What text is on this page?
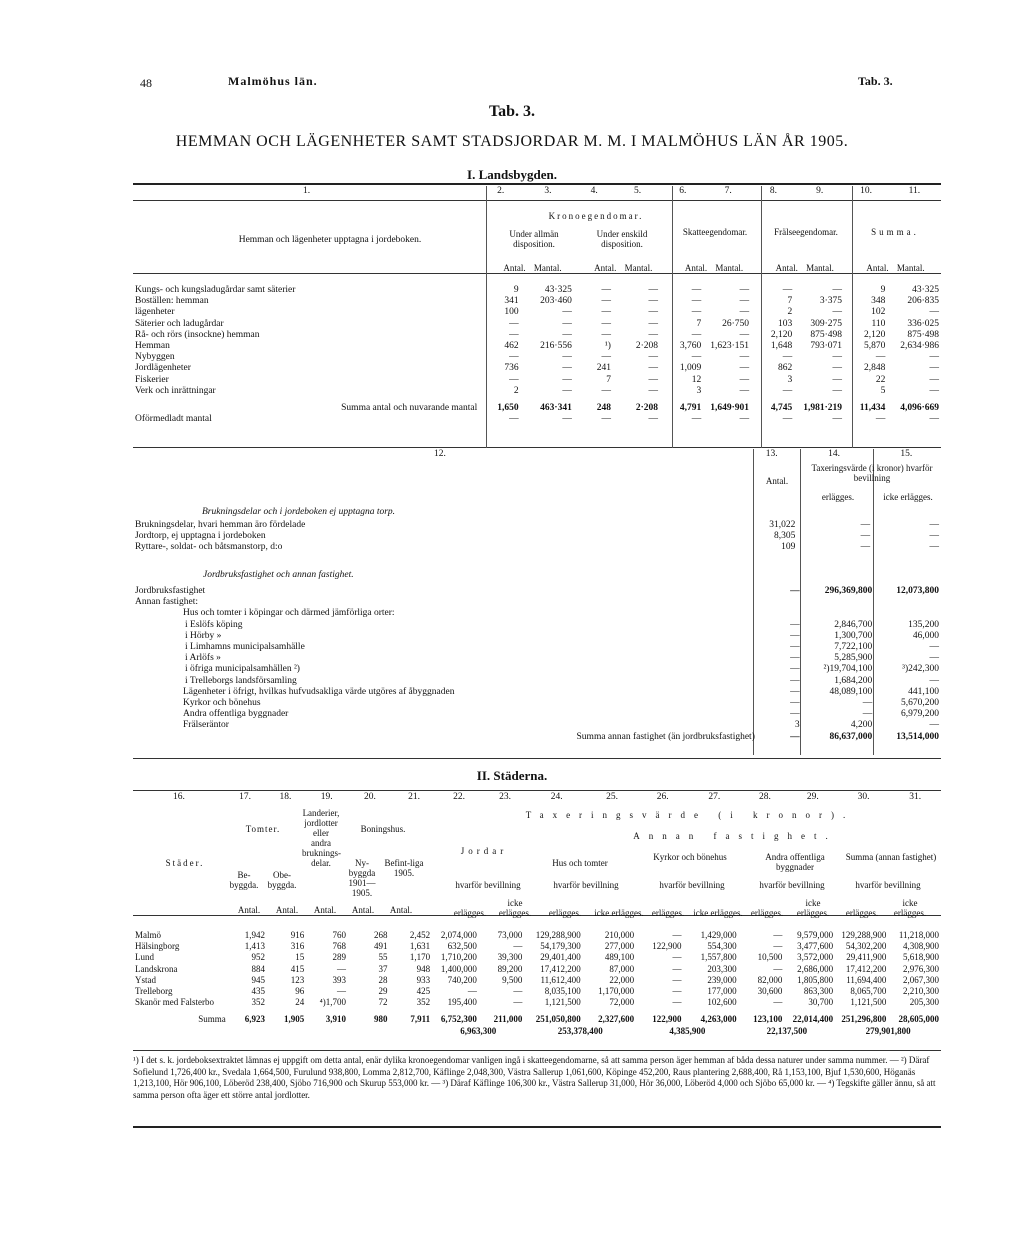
48	Malmöhus län.	Tab. 3.
Tab. 3.
HEMMAN OCH LÄGENHETER SAMT STADSJORDAR M. M. I MALMÖHUS LÄN ÅR 1905.
I. Landsbygden.
1.	2.	3.	4.	5.	6.	7.	8.	9.	10.	11.
Kronoegendomar.
Hemman och lägenheter upptagna i jordeboken.
Under allmän disposition.
Under enskild disposition.
Skatteegendomar.	Frälseegendomar.	Summa.
Antal. Mantal.	Antal. Mantal.	Antal. Mantal.	Antal. Mantal.	Antal. Mantal.
Kungs- och kungsladugårdar samt säterier	9	43·325	—	—	—	—	—	—	9	43·325
Boställen: hemman	341	203·460	—	—	—	—	7	3·375	348	206·835
lägenheter	100	—	—	—	—	—	2	—	102	—
Säterier och ladugårdar	—	—	—	—	7	26·750	103	309·275	110	336·025
Rå- och rörs (insockne) hemman	—	—	—	—	—	—	2,120	875·498	2,120	875·498
Hemman	462	216·556	¹)	2·208	3,760	1,623·151	1,648	793·071	5,870	2,634·986
Nybyggen	—	—	—	—	—	—	—	—	—	—
Jordlägenheter	736	—	241	—	1,009	—	862	—	2,848	—
Fiskerier	—	—	7	—	12	—	3	—	22	—
Verk och inrättningar	2	—	—	—	3	—	—	—	5	—

Summa antal och nuvarande mantal	1,650	463·341	248	2·208	4,791	1,649·901	4,745	1,981·219	11,434	4,096·669
Oförmedladt mantal	—	—	—	—	—	—	—	—	—	—
12.	13.	14.	15.
Antal.
Taxeringsvärde (i kronor) hvarför bevillning
erlägges.	icke erlägges.
Brukningsdelar och i jordeboken ej upptagna torp.
Brukningsdelar, hvari hemman äro fördelade	31,022	—	—
Jordtorp, ej upptagna i jordeboken	8,305	—	—
Ryttare-, soldat- och båtsmanstorp, d:o	109	—	—
Jordbruksfastighet och annan fastighet.
Jordbruksfastighet	—	296,369,800	12,073,800
Annan fastighet:			
Hus och tomter i köpingar och därmed jämförliga orter:			
i Eslöfs köping	—	2,846,700	135,200
i Hörby »	—	1,300,700	46,000
i Limhamns municipalsamhälle	—	7,722,100	—
i Arlöfs »	—	5,285,900	—
i öfriga municipalsamhällen ²)	—	²)19,704,100	³)242,300
i Trelleborgs landsförsamling	—	1,684,200	—
Lägenheter i öfrigt, hvilkas hufvudsakliga värde utgöres af åbyggnaden	—	48,089,100	441,100
Kyrkor och bönehus	—	—	5,670,200
Andra offentliga byggnader	—	—	6,979,200
Frälseräntor	3	4,200	—
Summa annan fastighet (än jordbruksfastighet)	—	86,637,000	13,514,000
II. Städerna.
16.	17.	18.	19.	20.	21.	22.	23.	24.	25.	26.	27.	28.	29.	30.	31.
Städer.
Tomter.
Be-byggda.
Obe-byggda.
Landerier, jordlotter eller andra bruknings-delar.
Boningshus.
Ny-byggda 1901—1905.
Befint-liga 1905.
Antal. Antal. Antal. Antal. Antal.
Taxeringsvärde (i kronor).
Annan fastighet.
Jordar
Hus och tomter
Kyrkor och bönehus	Andra offentliga byggnader
Summa (annan fastighet)
hvarför bevillning	hvarför bevillning	hvarför bevillning	hvarför bevillning	hvarför bevillning
erlägges.icke erlägges. erlägges. icke erlägges. erlägges. icke erlägges. erlägges.icke erlägges. erlägges.icke erlägges.
Malmö	1,942	916	760	268	2,452	2,074,000	73,000	129,288,900	210,000	—	1,429,000	—	9,579,000	129,288,900	11,218,000
Hälsingborg	1,413	316	768	491	1,631	632,500	—	54,179,300	277,000	122,900	554,300	—	3,477,600	54,302,200	4,308,900
Lund	952	15	289	55	1,170	1,710,200	39,300	29,401,400	489,100	—	1,557,800	10,500	3,572,000	29,411,900	5,618,900
Landskrona	884	415	—	37	948	1,400,000	89,200	17,412,200	87,000	—	203,300	—	2,686,000	17,412,200	2,976,300
Ystad	945	123	393	28	933	740,200	9,500	11,612,400	22,000	—	239,000	82,000	1,805,800	11,694,400	2,067,300
Trelleborg	435	96	—	29	425	—	—	8,035,100	1,170,000	—	177,000	30,600	863,300	8,065,700	2,210,300
Skanör med Falsterbo	352	24	⁴)1,700	72	352	195,400	—	1,121,500	72,000	—	102,600	—	30,700	1,121,500	205,300

Summa	6,923	1,905	3,910	980	7,911	6,752,300	211,000	251,050,800	2,327,600	122,900	4,263,000	123,100	22,014,400	251,296,800	28,605,000
						6,963,300		253,378,400		4,385,900		22,137,500		279,901,800	
¹) I det s. k. jordeboksextraktet lämnas ej uppgift om detta antal, enär dylika kronoegendomar vanligen ingå i skatteegendomarne, så att samma person äger hemman af båda dessa naturer under samma nummer. — ²) Däraf Sofielund 1,726,400 kr., Svedala 1,664,500, Furulund 938,800, Lomma 2,812,700, Käflinge 2,048,300, Västra Sallerup 1,061,600, Köpinge 452,200, Raus plantering 2,688,400, Rå 1,153,100, Bjuf 1,530,600, Höganäs 1,213,100, Hör 906,100, Löberöd 238,400, Sjöbo 716,900 och Skurup 553,000 kr. — ³) Däraf Käflinge 106,300 kr., Västra Sallerup 31,000, Hör 36,000, Löberöd 4,000 och Sjöbo 65,000 kr. — ⁴) Tegskifte gäller ännu, så att samma person ofta äger ett större antal jordlotter.
